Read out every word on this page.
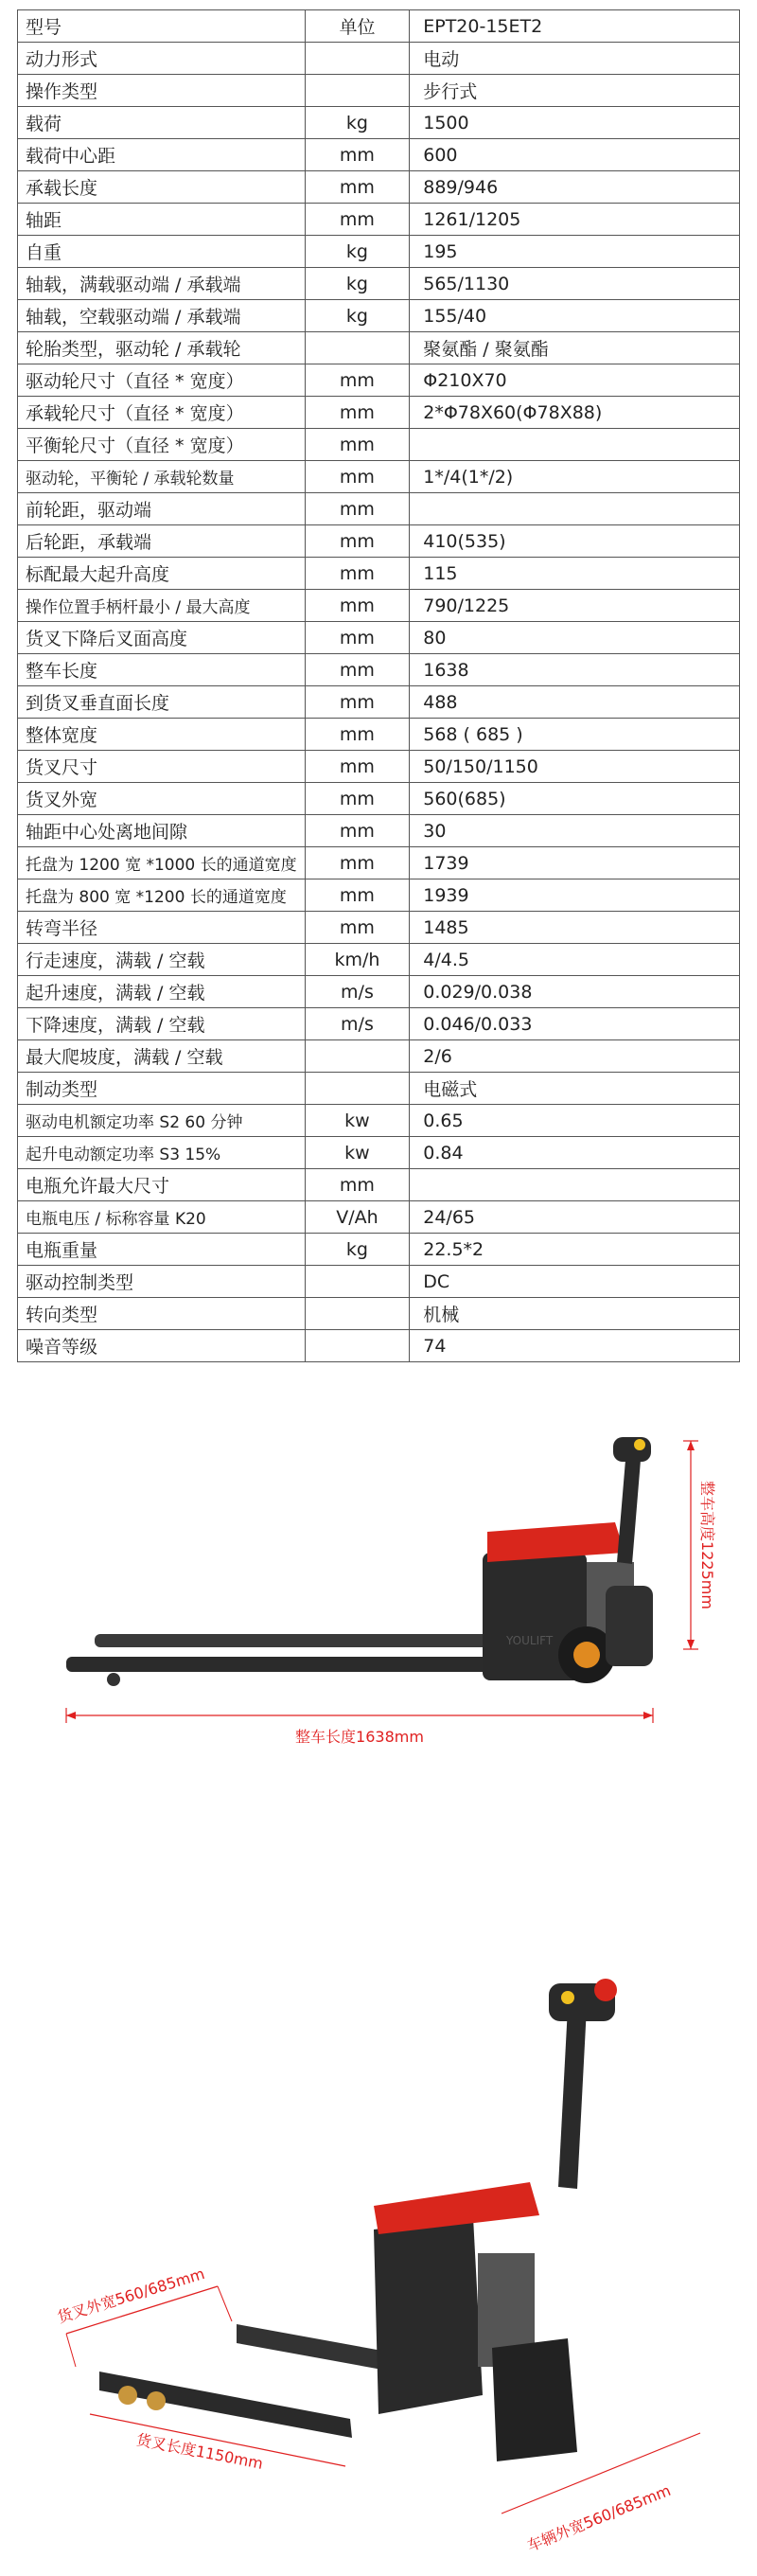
型号	单位	EPT20-15ET2
动力形式		电动
操作类型		步行式
载荷	kg	1500
载荷中心距	mm	600
承载长度	mm	889/946
轴距	mm	1261/1205
自重	kg	195
轴载，满载驱动端 / 承载端	kg	565/1130
轴载，空载驱动端 / 承载端	kg	155/40
轮胎类型，驱动轮 / 承载轮		聚氨酯 / 聚氨酯
驱动轮尺寸（直径 * 宽度）	mm	Φ210X70
承载轮尺寸（直径 * 宽度）	mm	2*Φ78X60(Φ78X88)
平衡轮尺寸（直径 * 宽度）	mm	
驱动轮，平衡轮 / 承载轮数量	mm	1*/4(1*/2)
前轮距，驱动端	mm	
后轮距，承载端	mm	410(535)
标配最大起升高度	mm	115
操作位置手柄杆最小 / 最大高度	mm	790/1225
货叉下降后叉面高度	mm	80
整车长度	mm	1638
到货叉垂直面长度	mm	488
整体宽度	mm	568 ( 685 )
货叉尺寸	mm	50/150/1150
货叉外宽	mm	560(685)
轴距中心处离地间隙	mm	30
托盘为 1200 宽 *1000 长的通道宽度	mm	1739
托盘为 800 宽 *1200 长的通道宽度	mm	1939
转弯半径	mm	1485
行走速度，满载 / 空载	km/h	4/4.5
起升速度，满载 / 空载	m/s	0.029/0.038
下降速度，满载 / 空载	m/s	0.046/0.033
最大爬坡度，满载 / 空载		2/6
制动类型		电磁式
驱动电机额定功率 S2 60 分钟	kw	0.65
起升电动额定功率 S3 15%	kw	0.84
电瓶允许最大尺寸	mm	
电瓶电压 / 标称容量 K20	V/Ah	24/65
电瓶重量	kg	22.5*2
驱动控制类型		DC
转向类型		机械
噪音等级		74
YOULIFT
整车高度1225mm
整车长度1638mm
货叉外宽560/685mm
货叉长度1150mm
车辆外宽560/685mm
